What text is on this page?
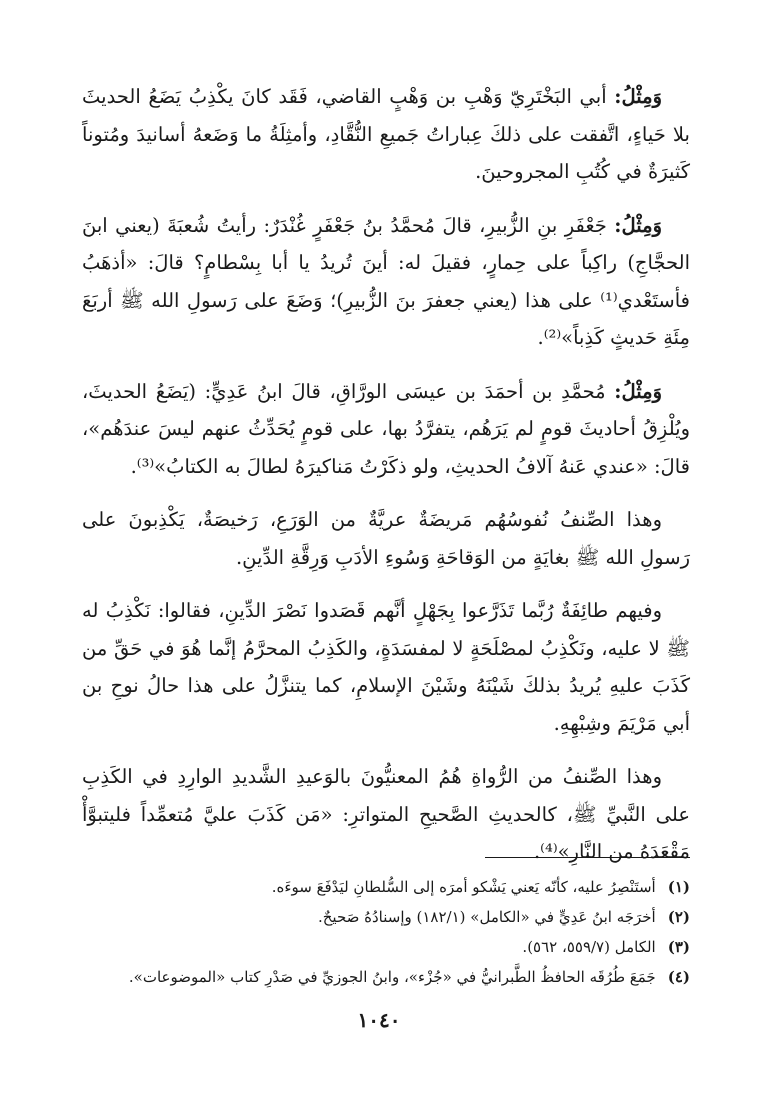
وَمِثْلُ: أبي البَخْتَرِيّ وَهْبِ بن وَهْبٍ القاضي، فَقَد كانَ يكْذِبُ يَضَعُ الحديثَ بلا حَياءٍ، اتَّفقت على ذلكَ عِباراتُ جَميعِ النُّقَّادِ، وأمثِلَةُ ما وَضَعهُ أسانيدَ ومُتوناً كَثيرَةٌ في كُتُبِ المجروحينَ.

وَمِثْلُ: جَعْفَرِ بنِ الزُّبيرِ، قالَ مُحمَّدُ بنُ جَعْفَرٍ غُنْدَرٌ: رأيتُ شُعبَةَ (يعني ابنَ الحجَّاجِ) راكِباً على حِمارٍ، فقيلَ له: أينَ تُريدُ يا أبا بِسْطامٍ؟ قالَ: «أذهَبُ فأستَعْدي⁽¹⁾ على هذا (يعني جعفرَ بنَ الزُّبيرِ)؛ وَضَعَ على رَسولِ الله ﷺ أربَعَ مِئَةِ حَديثٍ كَذِباً»⁽²⁾.

وَمِثْلُ: مُحمَّدِ بن أحمَدَ بن عيسَى الورَّاقِ، قالَ ابنُ عَدِيٍّ: (يَضَعُ الحديثَ، ويُلْزِقُ أحاديثَ قومٍ لم يَرَهُم، يتفرَّدُ بها، على قومٍ يُحَدِّثُ عنهم ليسَ عندَهُم»، قالَ: «عندي عَنهُ آلافُ الحديثِ، ولو ذكَرْتُ مَناكيرَهُ لطالَ به الكتابُ»⁽³⁾.

وهذا الصِّنفُ نُفوسُهُم مَريضَةٌ عريَّةٌ من الوَرَعِ، رَخيصَةٌ، يَكْذِبونَ على رَسولِ الله ﷺ بغايَةٍ من الوَقاحَةِ وَسُوءِ الأدَبِ وَرِقَّةِ الدِّينِ.

وفيهم طائِفَةٌ رُبَّما تَذَرَّعوا بِجَهْلٍ أنَّهم قَصَدوا نَصْرَ الدِّينِ، فقالوا: نَكْذِبُ له ﷺ لا عليه، ونَكْذِبُ لمصْلَحَةٍ لا لمفسَدَةٍ، والكَذِبُ المحرَّمُ إنَّما هُوَ في حَقِّ من كَذَبَ عليهِ يُريدُ بذلكَ شَيْنَهُ وشَيْنَ الإسلامِ، كما يتنزَّلُ على هذا حالُ نوحِ بن أبي مَرْيَمَ وشِبْهِهِ.

وهذا الصِّنفُ من الرُّواةِ هُمُ المعنيُّونَ بالوَعيدِ الشَّديدِ الوارِدِ في الكَذِبِ على النَّبيِّ ﷺ، كالحديثِ الصَّحيحِ المتواترِ: «مَن كَذَبَ عليَّ مُتعمِّداً فليتبوَّأْ مَقْعَدَهُ من النَّارِ»⁽⁴⁾.

(١)أستَنْصِرُ عليه، كأنّه يَعني يَشْكو أمرَه إلى السُّلطانِ ليَدْفَعَ سوءَه.

(٢)أخرَجَه ابنُ عَدِيٍّ في «الكامل» (١٨٢/١) وإسنادُهُ صَحيحٌ.

(٣)الكامل (٥٥٩/٧، ٥٦٢).

(٤)جَمَعَ طُرُقَه الحافظُ الطَّبرانيُّ في «جُزْء»، وابنُ الجوزيِّ في صَدْرِ كتاب «الموضوعات».

١٠٤٠
